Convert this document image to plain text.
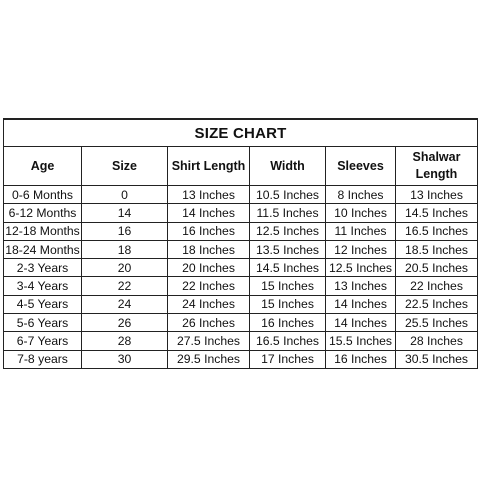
SIZE CHART					
Age	Size	Shirt Length	Width	Sleeves	Shalwar Length
0-6 Months	0	13 Inches	10.5 Inches	8 Inches	13 Inches
6-12 Months	14	14 Inches	11.5 Inches	10 Inches	14.5 Inches
12-18 Months	16	16 Inches	12.5 Inches	11 Inches	16.5 Inches
18-24 Months	18	18 Inches	13.5 Inches	12 Inches	18.5 Inches
2-3 Years	20	20 Inches	14.5 Inches	12.5 Inches	20.5 Inches
3-4 Years	22	22 Inches	15 Inches	13 Inches	22 Inches
4-5 Years	24	24 Inches	15 Inches	14 Inches	22.5 Inches
5-6 Years	26	26 Inches	16 Inches	14 Inches	25.5 Inches
6-7 Years	28	27.5 Inches	16.5 Inches	15.5 Inches	28 Inches
7-8 years	30	29.5 Inches	17 Inches	16 Inches	30.5 Inches
